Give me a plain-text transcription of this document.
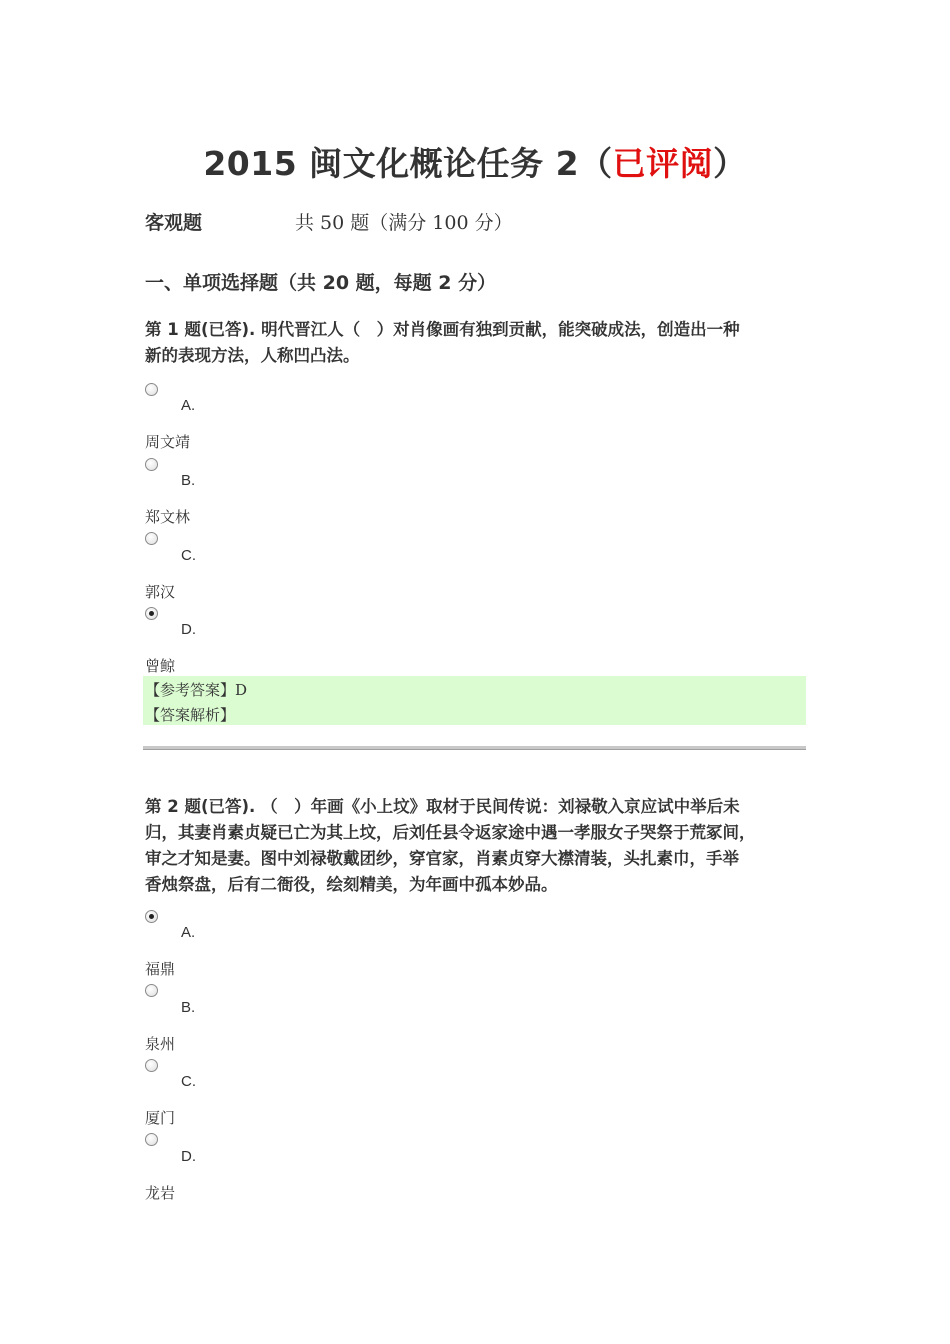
2015 闽文化概论任务 2（已评阅）
客观题	共 50 题（满分 100 分）
一、单项选择题（共 20 题，每题 2 分）
第 1 题(已答). 明代晋江人（　）对肖像画有独到贡献，能突破成法，创造出一种
新的表现方法，人称凹凸法。
A.
周文靖
B.
郑文林
C.
郭汉
D.
曾鲸
【参考答案】D
【答案解析】
第 2 题(已答). （　）年画《小上坟》取材于民间传说：刘禄敬入京应试中举后未
归，其妻肖素贞疑已亡为其上坟，后刘任县令返家途中遇一孝服女子哭祭于荒冢间，
审之才知是妻。图中刘禄敬戴团纱，穿官家，肖素贞穿大襟清装，头扎素巾，手举
香烛祭盘，后有二衙役，绘刻精美，为年画中孤本妙品。
A.
福鼎
B.
泉州
C.
厦门
D.
龙岩
